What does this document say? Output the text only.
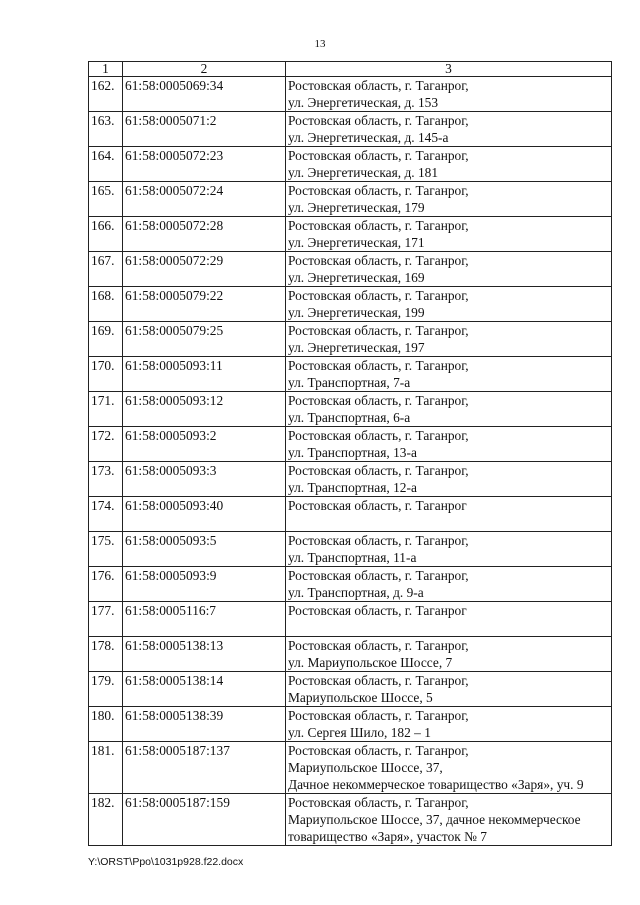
13
1	2	3
162.	61:58:0005069:34	Ростовская область, г. Таганрог,
ул. Энергетическая, д. 153

163.	61:58:0005071:2	Ростовская область, г. Таганрог,
ул. Энергетическая, д. 145-а

164.	61:58:0005072:23	Ростовская область, г. Таганрог,
ул. Энергетическая, д. 181

165.	61:58:0005072:24	Ростовская область, г. Таганрог,
ул. Энергетическая, 179

166.	61:58:0005072:28	Ростовская область, г. Таганрог,
ул. Энергетическая, 171

167.	61:58:0005072:29	Ростовская область, г. Таганрог,
ул. Энергетическая, 169

168.	61:58:0005079:22	Ростовская область, г. Таганрог,
ул. Энергетическая, 199

169.	61:58:0005079:25	Ростовская область, г. Таганрог,
ул. Энергетическая, 197

170.	61:58:0005093:11	Ростовская область, г. Таганрог,
ул. Транспортная, 7-а

171.	61:58:0005093:12	Ростовская область, г. Таганрог,
ул. Транспортная, 6-а

172.	61:58:0005093:2	Ростовская область, г. Таганрог,
ул. Транспортная, 13-а

173.	61:58:0005093:3	Ростовская область, г. Таганрог,
ул. Транспортная, 12-а

174.	61:58:0005093:40	Ростовская область, г. Таганрог

175.	61:58:0005093:5	Ростовская область, г. Таганрог,
ул. Транспортная, 11-а

176.	61:58:0005093:9	Ростовская область, г. Таганрог,
ул. Транспортная, д. 9-а

177.	61:58:0005116:7	Ростовская область, г. Таганрог

178.	61:58:0005138:13	Ростовская область, г. Таганрог,
ул. Мариупольское Шоссе, 7

179.	61:58:0005138:14	Ростовская область, г. Таганрог,
Мариупольское Шоссе, 5

180.	61:58:0005138:39	Ростовская область, г. Таганрог,
ул. Сергея Шило, 182 – 1

181.	61:58:0005187:137	Ростовская область, г. Таганрог,
Мариупольское Шоссе, 37,
Дачное некоммерческое товарищество «Заря», уч. 9

182.	61:58:0005187:159	Ростовская область, г. Таганрог,
Мариупольское Шоссе, 37, дачное некоммерческое
товарищество «Заря», участок № 7
Y:\ORST\Ppo\1031p928.f22.docx
